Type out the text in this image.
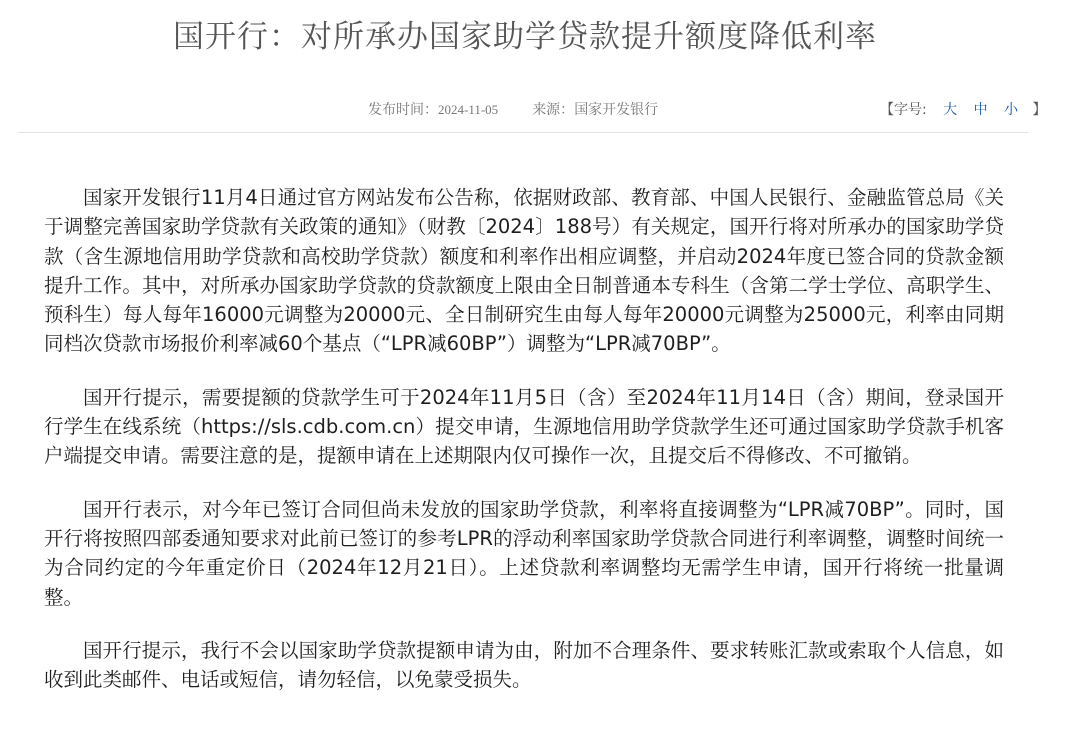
国开行：对所承办国家助学贷款提升额度降低利率
发布时间：2024-11-05 来源：国家开发银行	【字号: 大 中 小 】

国家开发银行11月4日通过官方网站发布公告称，依据财政部、教育部、中国人民银行、金融监管总局《关于调整完善国家助学贷款有关政策的通知》（财教〔2024〕188号）有关规定，国开行将对所承办的国家助学贷款（含生源地信用助学贷款和高校助学贷款）额度和利率作出相应调整，并启动2024年度已签合同的贷款金额提升工作。其中，对所承办国家助学贷款的贷款额度上限由全日制普通本专科生（含第二学士学位、高职学生、预科生）每人每年16000元调整为20000元、全日制研究生由每人每年20000元调整为25000元，利率由同期同档次贷款市场报价利率减60个基点（“LPR减60BP”）调整为“LPR减70BP”。

国开行提示，需要提额的贷款学生可于2024年11月5日（含）至2024年11月14日（含）期间，登录国开行学生在线系统（https://sls.cdb.com.cn）提交申请，生源地信用助学贷款学生还可通过国家助学贷款手机客户端提交申请。需要注意的是，提额申请在上述期限内仅可操作一次，且提交后不得修改、不可撤销。

国开行表示，对今年已签订合同但尚未发放的国家助学贷款，利率将直接调整为“LPR减70BP”。同时，国开行将按照四部委通知要求对此前已签订的参考LPR的浮动利率国家助学贷款合同进行利率调整，调整时间统一为合同约定的今年重定价日（2024年12月21日）。上述贷款利率调整均无需学生申请，国开行将统一批量调整。

国开行提示，我行不会以国家助学贷款提额申请为由，附加不合理条件、要求转账汇款或索取个人信息，如收到此类邮件、电话或短信，请勿轻信，以免蒙受损失。
